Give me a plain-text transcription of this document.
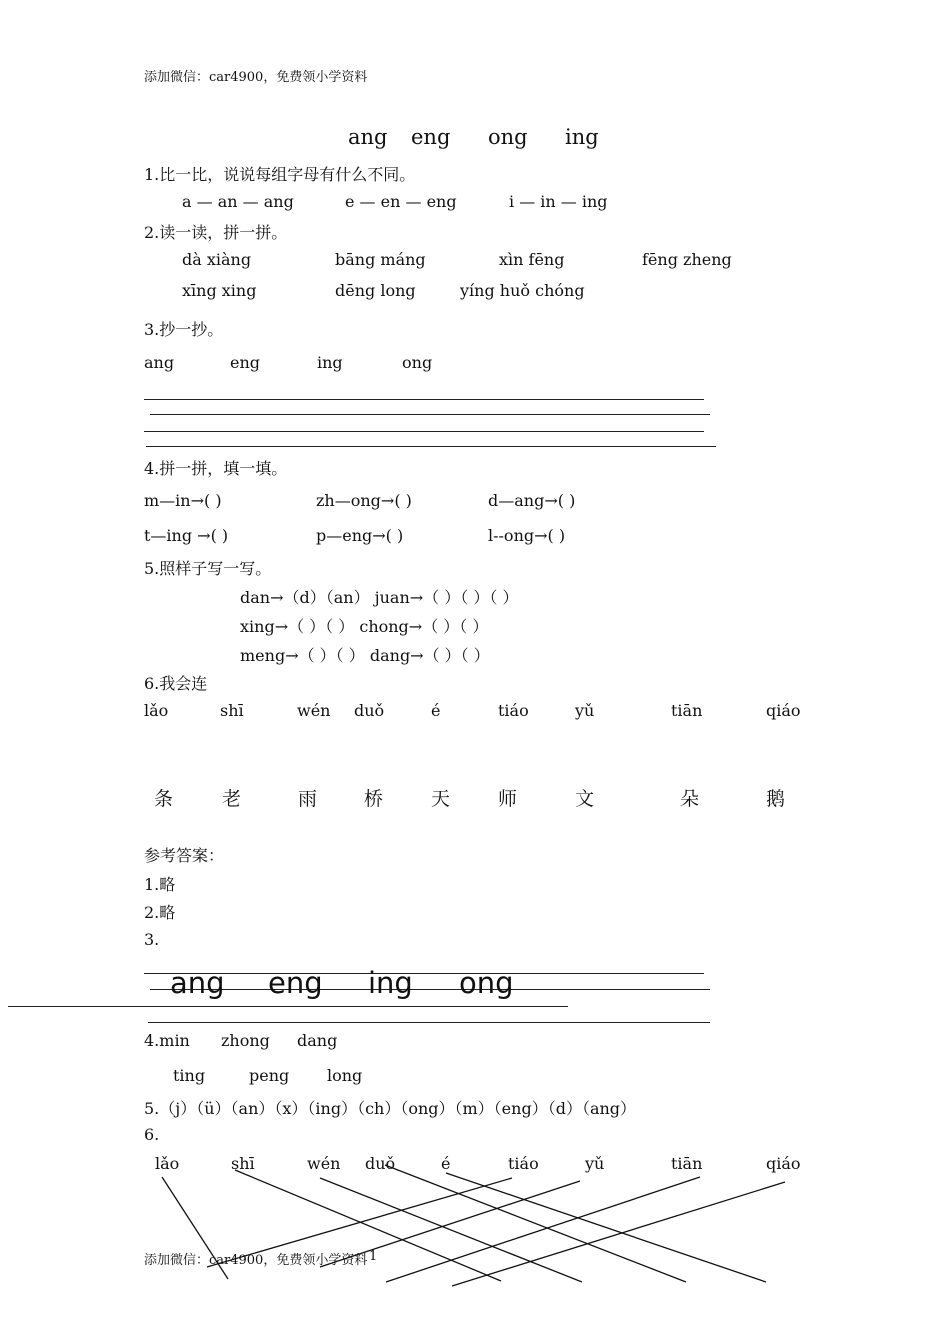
添加微信：car4900，免费领小学资料
ang eng ong ing
1.比一比，说说每组字母有什么不同。
a — an — ang	e — en — eng	i — in — ing
2.读一读，拼一拼。
dà xiàng	bāng máng	xìn fēng	fēng zheng
xīng xing	dēng long	yíng huǒ chóng
3.抄一抄。
ang	eng	ing	ong
4.拼一拼，填一填。
m—in→( )	zh—ong→( )	d—ang→( )
t—ing →( )	p—eng→( )	l--ong→( )
5.照样子写一写。
dan→（d）（an） juan→（ ）（ ）（ ）
xing→（ ）（ ） chong→（ ）（ ）
meng→（ ）（ ） dang→（ ）（ ）
6.我会连
lǎo	shī	wén duǒ	é	tiáo	yǔ	tiān	qiáo
条	老	雨 桥	天	师	文	朵	鹅
参考答案：
1.略
2.略
3.
ang eng ing ong
4.min zhong dang
ting	peng long
5.（j）（ü）（an）（x）（ing）（ch）（ong）（m）（eng）（d）（ang）
6.
lǎo	shī	wén duǒ	é	tiáo	yǔ	tiān	qiáo
添加微信：car4900，免费领小学资料 1
